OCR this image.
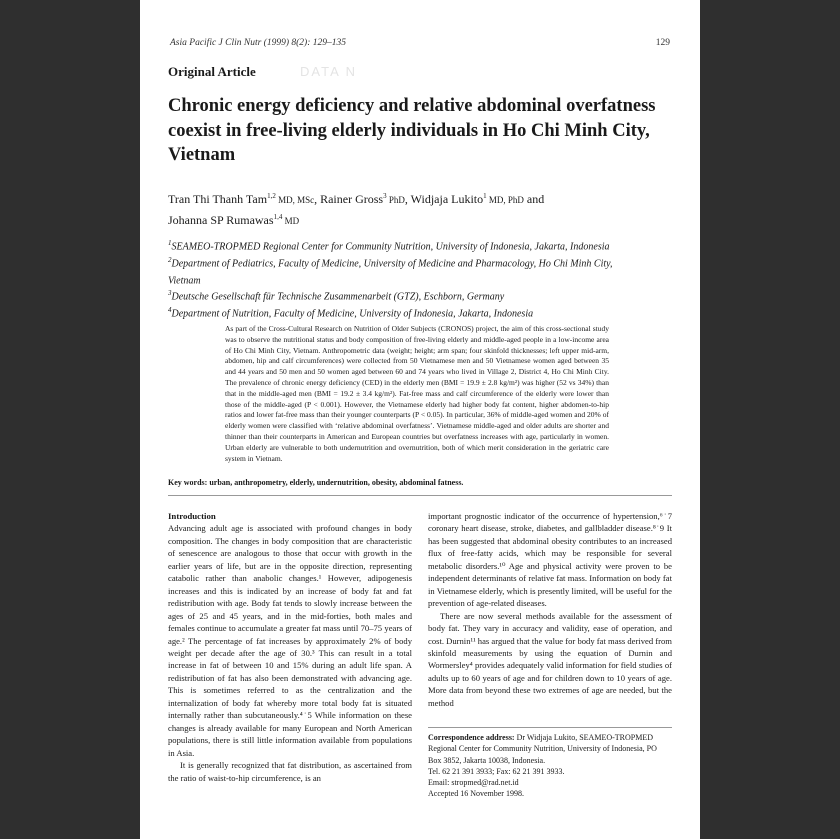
Asia Pacific J Clin Nutr (1999) 8(2): 129–135	129
DATA N
Original Article
Chronic energy deficiency and relative abdominal overfatness coexist in free-living elderly individuals in Ho Chi Minh City, Vietnam
Tran Thi Thanh Tam$^{1,2}$ MD, MSc, Rainer Gross$^3$ PhD, Widjaja Lukito$^1$ MD, PhD and
Johanna SP Rumawas$^{1,4}$ MD
$^1$SEAMEO-TROPMED Regional Center for Community Nutrition, University of Indonesia, Jakarta, Indonesia
$^2$Department of Pediatrics, Faculty of Medicine, University of Medicine and Pharmacology, Ho Chi Minh City,
Vietnam
$^3$Deutsche Gesellschaft für Technische Zusammenarbeit (GTZ), Eschborn, Germany
$^4$Department of Nutrition, Faculty of Medicine, University of Indonesia, Jakarta, Indonesia
As part of the Cross-Cultural Research on Nutrition of Older Subjects (CRONOS) project, the aim of this cross-sectional study was to observe the nutritional status and body composition of free-living elderly and middle-aged people in a low-income area of Ho Chi Minh City, Vietnam. Anthropometric data (weight; height; arm span; four skinfold thicknesses; left upper mid-arm, abdomen, hip and calf circumferences) were collected from 50 Vietnamese men and 50 Vietnamese women aged between 35 and 44 years and 50 men and 50 women aged between 60 and 74 years who lived in Village 2, District 4, Ho Chi Minh City. The prevalence of chronic energy deficiency (CED) in the elderly men (BMI = 19.9 ± 2.8 kg/m²) was higher (52 vs 34%) than that in the middle-aged men (BMI = 19.2 ± 3.4 kg/m²). Fat-free mass and calf circumference of the elderly were lower than those of the middle-aged (P < 0.001). However, the Vietnamese elderly had higher body fat content, higher abdomen-to-hip ratios and lower fat-free mass than their younger counterparts (P < 0.05). In particular, 36% of middle-aged women and 20% of elderly women were classified with ‘relative abdominal overfatness’. Vietnamese middle-aged and older adults are shorter and thinner than their counterparts in American and European countries but overfatness increases with age, particularly in women. Urban elderly are vulnerable to both undernutrition and overnutrition, both of which merit consideration in the geriatric care system in Vietnam.
Key words: urban, anthropometry, elderly, undernutrition, obesity, abdominal fatness.
Introduction

Advancing adult age is associated with profound changes in body composition. The changes in body composition that are characteristic of senescence are analogous to those that occur with growth in the earlier years of life, but are in the opposite direction, representing catabolic rather than anabolic changes.¹ However, adipogenesis increases and this is indicated by an increase of body fat and fat redistribution with age. Body fat tends to slowly increase between the ages of 25 and 45 years, and in the mid-forties, both males and females continue to accumulate a greater fat mass until 70–75 years of age.² The percentage of fat increases by approximately 2% of body weight per decade after the age of 30.³ This can result in a total increase in fat of between 10 and 15% during an adult life span. A redistribution of fat has also been demonstrated with advancing age. This is sometimes referred to as the centralization and the internalization of body fat whereby more total body fat is situated internally rather than subcutaneously.⁴˙5 While information on these changes is already available for many European and North American populations, there is still little information available from populations in Asia.

It is generally recognized that fat distribution, as ascertained from the ratio of waist-to-hip circumference, is an

important prognostic indicator of the occurrence of hypertension,⁶˙7 coronary heart disease, stroke, diabetes, and gallbladder disease.⁸˙9 It has been suggested that abdominal obesity contributes to an increased flux of free-fatty acids, which may be responsible for several metabolic disorders.¹⁰ Age and physical activity were proven to be independent determinants of relative fat mass. Information on body fat in Vietnamese elderly, which is presently limited, will be useful for the prevention of age-related diseases.

There are now several methods available for the assessment of body fat. They vary in accuracy and validity, ease of operation, and cost. Durnin¹¹ has argued that the value for body fat mass derived from skinfold measurements by using the equation of Durnin and Wormersley⁴ provides adequately valid information for field studies of adults up to 60 years of age and for children down to 10 years of age. More data from beyond these two extremes of age are needed, but the method

Correspondence address: Dr Widjaja Lukito, SEAMEO-TROPMED Regional Center for Community Nutrition, University of Indonesia, PO Box 3852, Jakarta 10038, Indonesia.
Tel. 62 21 391 3933; Fax: 62 21 391 3933.
Email: stropmed@rad.net.id
Accepted 16 November 1998.
